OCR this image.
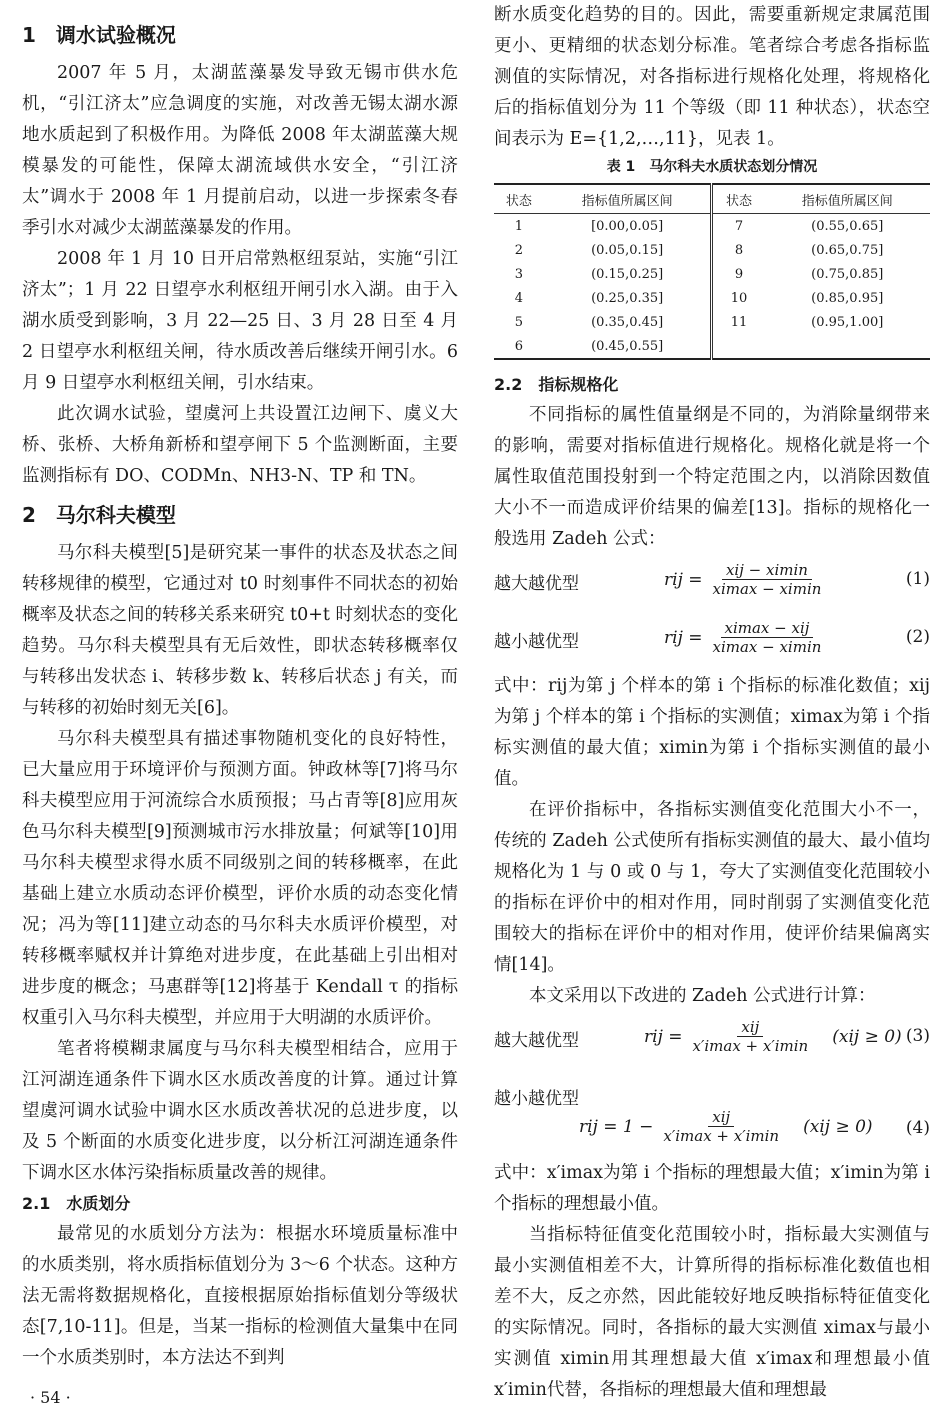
1　调水试验概况

2007 年 5 月，太湖蓝藻暴发导致无锡市供水危机，“引江济太”应急调度的实施，对改善无锡太湖水源地水质起到了积极作用。为降低 2008 年太湖蓝藻大规模暴发的可能性，保障太湖流域供水安全，“引江济太”调水于 2008 年 1 月提前启动，以进一步探索冬春季引水对减少太湖蓝藻暴发的作用。

2008 年 1 月 10 日开启常熟枢纽泵站，实施“引江济太”；1 月 22 日望亭水利枢纽开闸引水入湖。由于入湖水质受到影响，3 月 22—25 日、3 月 28 日至 4 月 2 日望亭水利枢纽关闸，待水质改善后继续开闸引水。6 月 9 日望亭水利枢纽关闸，引水结束。

此次调水试验，望虞河上共设置江边闸下、虞义大桥、张桥、大桥角新桥和望亭闸下 5 个监测断面，主要监测指标有 DO、CODMn、NH3-N、TP 和 TN。

2　马尔科夫模型

马尔科夫模型[5]是研究某一事件的状态及状态之间转移规律的模型，它通过对 t0 时刻事件不同状态的初始概率及状态之间的转移关系来研究 t0+t 时刻状态的变化趋势。马尔科夫模型具有无后效性，即状态转移概率仅与转移出发状态 i、转移步数 k、转移后状态 j 有关，而与转移的初始时刻无关[6]。

马尔科夫模型具有描述事物随机变化的良好特性，已大量应用于环境评价与预测方面。钟政林等[7]将马尔科夫模型应用于河流综合水质预报；马占青等[8]应用灰色马尔科夫模型[9]预测城市污水排放量；何斌等[10]用马尔科夫模型求得水质不同级别之间的转移概率，在此基础上建立水质动态评价模型，评价水质的动态变化情况；冯为等[11]建立动态的马尔科夫水质评价模型，对转移概率赋权并计算绝对进步度，在此基础上引出相对进步度的概念；马惠群等[12]将基于 Kendall τ 的指标权重引入马尔科夫模型，并应用于大明湖的水质评价。

笔者将模糊隶属度与马尔科夫模型相结合，应用于江河湖连通条件下调水区水质改善度的计算。通过计算望虞河调水试验中调水区水质改善状况的总进步度，以及 5 个断面的水质变化进步度，以分析江河湖连通条件下调水区水体污染指标质量改善的规律。

2.1　水质划分

最常见的水质划分方法为：根据水环境质量标准中的水质类别，将水质指标值划分为 3～6 个状态。这种方法无需将数据规格化，直接根据原始指标值划分等级状态[7,10-11]。但是，当某一指标的检测值大量集中在同一个水质类别时，本方法达不到判

断水质变化趋势的目的。因此，需要重新规定隶属范围更小、更精细的状态划分标准。笔者综合考虑各指标监测值的实际情况，对各指标进行规格化处理，将规格化后的指标值划分为 11 个等级（即 11 种状态），状态空间表示为 E={1,2,…,11}，见表 1。

表 1　马尔科夫水质状态划分情况

状态	指标值所属区间	状态	指标值所属区间
1	[0.00,0.05]	7	(0.55,0.65]
2	(0.05,0.15]	8	(0.65,0.75]
3	(0.15,0.25]	9	(0.75,0.85]
4	(0.25,0.35]	10	(0.85,0.95]
5	(0.35,0.45]	11	(0.95,1.00]
6	(0.45,0.55]		

2.2　指标规格化

不同指标的属性值量纲是不同的，为消除量纲带来的影响，需要对指标值进行规格化。规格化就是将一个属性取值范围投射到一个特定范围之内，以消除因数值大小不一而造成评价结果的偏差[13]。指标的规格化一般选用 Zadeh 公式：

越大越优型	rij = xij − ximin
ximax − ximin	(1)
越小越优型	rij = ximax − xij
ximax − ximin	(2)

式中：rij为第 j 个样本的第 i 个指标的标准化数值；xij为第 j 个样本的第 i 个指标的实测值；ximax为第 i 个指标实测值的最大值；ximin为第 i 个指标实测值的最小值。

在评价指标中，各指标实测值变化范围大小不一，传统的 Zadeh 公式使所有指标实测值的最大、最小值均规格化为 1 与 0 或 0 与 1，夸大了实测值变化范围较小的指标在评价中的相对作用，同时削弱了实测值变化范围较大的指标在评价中的相对作用，使评价结果偏离实情[14]。

本文采用以下改进的 Zadeh 公式进行计算：

越大越优型	rij =	xij
x′imax + x′imin (xij ≥ 0) (3)
越小越优型
rij = 1 −	xij
x′imax + x′imin (xij ≥ 0) (4)

式中：x′imax为第 i 个指标的理想最大值；x′imin为第 i 个指标的理想最小值。

当指标特征值变化范围较小时，指标最大实测值与最小实测值相差不大，计算所得的指标标准化数值也相差不大，反之亦然，因此能较好地反映指标特征值变化的实际情况。同时，各指标的最大实测值 ximax与最小实测值 ximin用其理想最大值 x′imax和理想最小值 x′imin代替，各指标的理想最大值和理想最

· 54 ·
